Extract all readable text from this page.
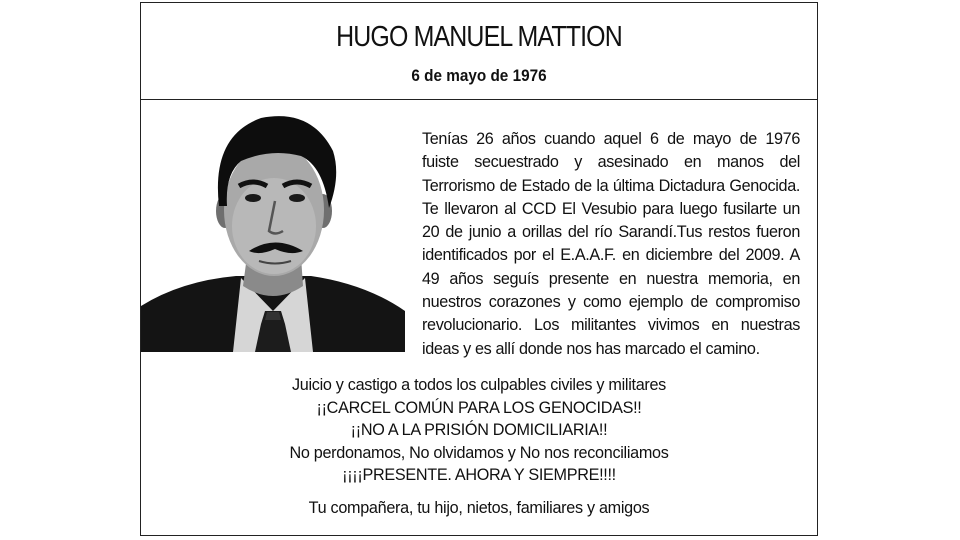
HUGO MANUEL MATTION
6 de mayo de 1976
Tenías 26 años cuando aquel 6 de mayo de 1976 fuiste secuestrado y asesinado en manos del Terrorismo de Estado de la última Dictadura Genocida. Te llevaron al CCD El Vesubio para luego fusilarte un 20 de junio a orillas del río Sarandí.Tus restos fueron identificados por el E.A.A.F. en diciembre del 2009. A 49 años seguís presente en nuestra memoria, en nuestros corazones y como ejemplo de compromiso revolucionario. Los militantes vivimos en nuestras ideas y es allí donde nos has marcado el camino.
Juicio y castigo a todos los culpables civiles y militares
¡¡CARCEL COMÚN PARA LOS GENOCIDAS!!
¡¡NO A LA PRISIÓN DOMICILIARIA!!
No perdonamos, No olvidamos y No nos reconciliamos
¡¡¡¡PRESENTE. AHORA Y SIEMPRE!!!!
Tu compañera, tu hijo, nietos, familiares y amigos
